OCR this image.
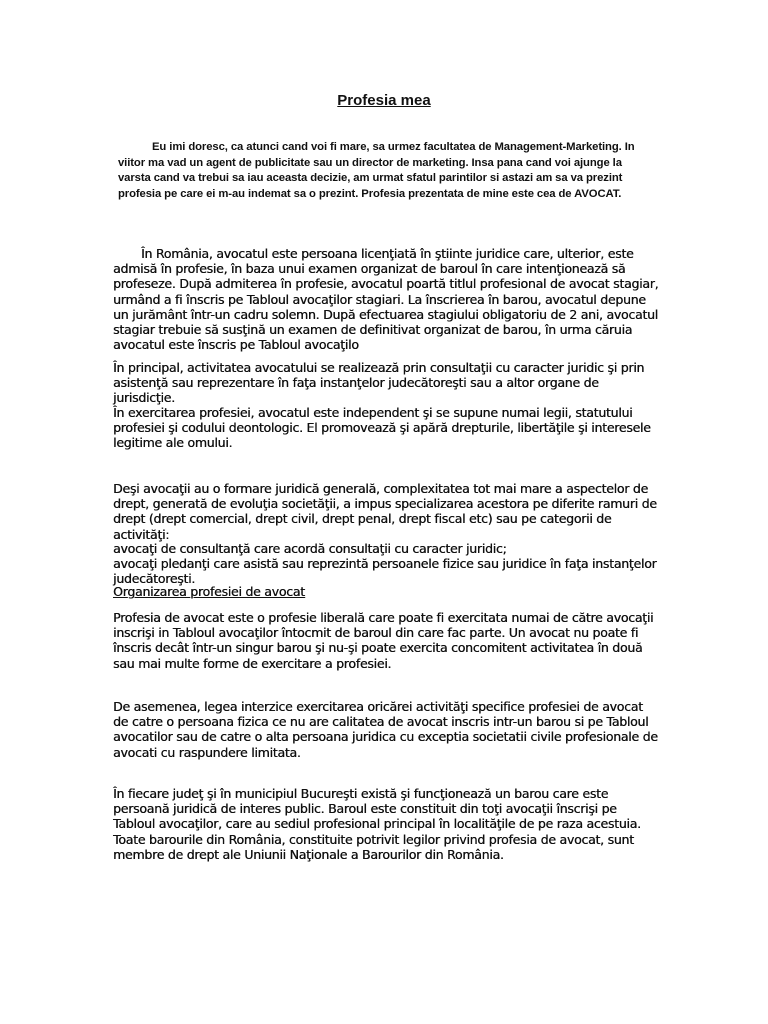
Profesia mea

Eu imi doresc, ca atunci cand voi fi mare, sa urmez facultatea de Management-Marketing. In viitor ma vad un agent de publicitate sau un director de marketing. Insa pana cand voi ajunge la varsta cand va trebui sa iau aceasta decizie, am urmat sfatul parintilor si astazi am sa va prezint profesia pe care ei m-au indemat sa o prezint. Profesia prezentata de mine este cea de AVOCAT.

În România, avocatul este persoana licenţiată în ştiinte juridice care, ulterior, este admisă în profesie, în baza unui examen organizat de baroul în care intenţionează să profeseze. După admiterea în profesie, avocatul poartă titlul profesional de avocat stagiar, urmând a fi înscris pe Tabloul avocaţilor stagiari. La înscrierea în barou, avocatul depune un jurământ într-un cadru solemn. După efectuarea stagiului obligatoriu de 2 ani, avocatul stagiar trebuie să susţină un examen de definitivat organizat de barou, în urma căruia avocatul este înscris pe Tabloul avocaţilo

În principal, activitatea avocatului se realizează prin consultaţii cu caracter juridic şi prin asistenţă sau reprezentare în faţa instanţelor judecătoreşti sau a altor organe de jurisdicţie.

În exercitarea profesiei, avocatul este independent şi se supune numai legii, statutului profesiei şi codului deontologic. El promovează şi apără drepturile, libertăţile şi interesele legitime ale omului.

Deşi avocaţii au o formare juridică generală, complexitatea tot mai mare a aspectelor de drept, generată de evoluţia societăţii, a impus specializarea acestora pe diferite ramuri de drept (drept comercial, drept civil, drept penal, drept fiscal etc) sau pe categorii de activităţi:

avocaţi de consultanţă care acordă consultaţii cu caracter juridic;

avocaţi pledanţi care asistă sau reprezintă persoanele fizice sau juridice în faţa instanţelor judecătoreşti.

Organizarea profesiei de avocat

Profesia de avocat este o profesie liberală care poate fi exercitata numai de către avocaţii inscrişi in Tabloul avocaţilor întocmit de baroul din care fac parte. Un avocat nu poate fi înscris decât într-un singur barou şi nu-şi poate exercita concomitent activitatea în două sau mai multe forme de exercitare a profesiei.

De asemenea, legea interzice exercitarea oricărei activităţi specifice profesiei de avocat de catre o persoana fizica ce nu are calitatea de avocat inscris intr-un barou si pe Tabloul avocatilor sau de catre o alta persoana juridica cu exceptia societatii civile profesionale de avocati cu raspundere limitata.

În fiecare judeţ şi în municipiul Bucureşti există şi funcţionează un barou care este persoană juridică de interes public. Baroul este constituit din toţi avocaţii înscrişi pe Tabloul avocaţilor, care au sediul profesional principal în localităţile de pe raza acestuia. Toate barourile din România, constituite potrivit legilor privind profesia de avocat, sunt membre de drept ale Uniunii Naţionale a Barourilor din România.
